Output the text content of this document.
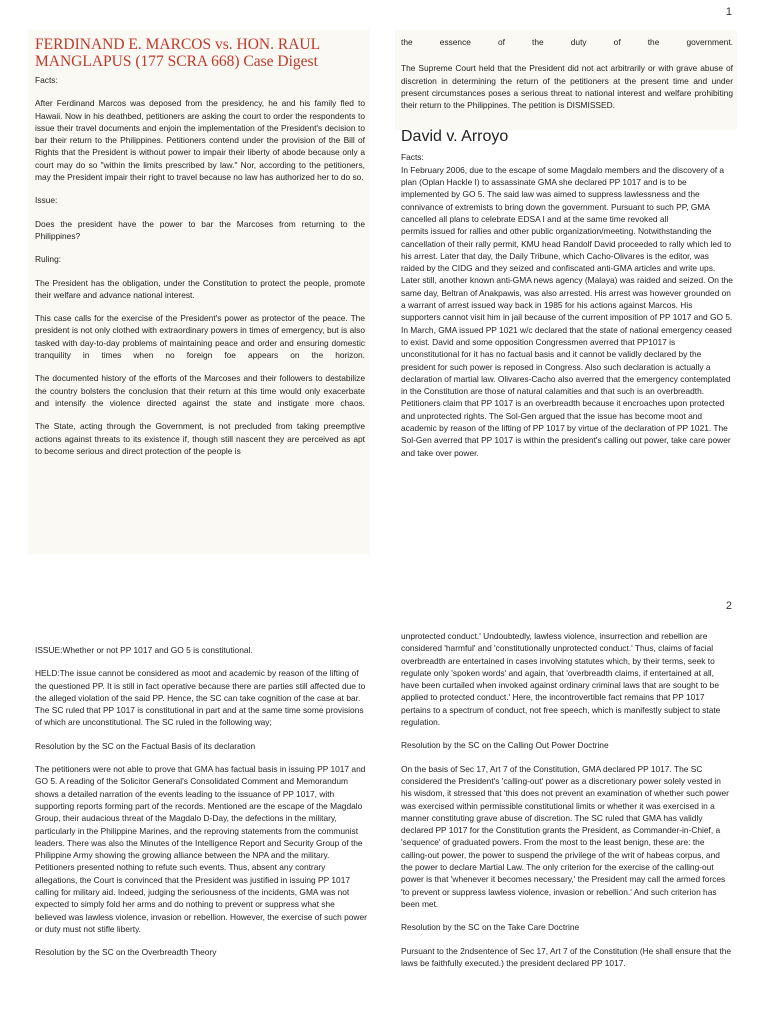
1
FERDINAND E. MARCOS vs. HON. RAUL MANGLAPUS (177 SCRA 668) Case Digest

Facts:

After Ferdinand Marcos was deposed from the presidency, he and his family fled to Hawaii. Now in his deathbed, petitioners are asking the court to order the respondents to issue their travel documents and enjoin the implementation of the President's decision to bar their return to the Philippines. Petitioners contend under the provision of the Bill of Rights that the President is without power to impair their liberty of abode because only a court may do so "within the limits prescribed by law." Nor, according to the petitioners, may the President impair their right to travel because no law has authorized her to do so.

Issue:

Does the president have the power to bar the Marcoses from returning to the Philippines?

Ruling:

The President has the obligation, under the Constitution to protect the people, promote their welfare and advance national interest.

This case calls for the exercise of the President's power as protector of the peace. The president is not only clothed with extraordinary powers in times of emergency, but is also tasked with day-to-day problems of maintaining peace and order and ensuring domestic tranquility in times when no foreign foe appears on the horizon.

The documented history of the efforts of the Marcoses and their followers to destabilize the country bolsters the conclusion that their return at this time would only exacerbate and intensify the violence directed against the state and instigate more chaos.

The State, acting through the Government, is not precluded from taking preemptive actions against threats to its existence if, though still nascent they are perceived as apt to become serious and direct protection of the people is

the essence of the duty of the government.

The Supreme Court held that the President did not act arbitrarily or with grave abuse of discretion in determining the return of the petitioners at the present time and under present circumstances poses a serious threat to national interest and welfare prohibiting their return to the Philippines. The petition is DISMISSED.

David v. Arroyo

Facts:

In February 2006, due to the escape of some Magdalo members and the discovery of a plan (Oplan Hackle I) to assassinate GMA she declared PP 1017 and is to be implemented by GO 5. The said law was aimed to suppress lawlessness and the connivance of extremists to bring down the government. Pursuant to such PP, GMA cancelled all plans to celebrate EDSA I and at the same time revoked all

permits issued for rallies and other public organization/meeting. Notwithstanding the cancellation of their rally permit, KMU head Randolf David proceeded to rally which led to his arrest. Later that day, the Daily Tribune, which Cacho-Olivares is the editor, was raided by the CIDG and they seized and confiscated anti-GMA articles and write ups. Later still, another known anti-GMA news agency (Malaya) was raided and seized. On the same day, Beltran of Anakpawis, was also arrested. His arrest was however grounded on a warrant of arrest issued way back in 1985 for his actions against Marcos. His supporters cannot visit him in jail because of the current imposition of PP 1017 and GO 5. In March, GMA issued PP 1021 w/c declared that the state of national emergency ceased to exist. David and some opposition Congressmen averred that PP1017 is unconstitutional for it has no factual basis and it cannot be validly declared by the president for such power is reposed in Congress. Also such declaration is actually a declaration of martial law. Olivares-Cacho also averred that the emergency contemplated in the Constitution are those of natural calamities and that such is an overbreadth. Petitioners claim that PP 1017 is an overbreadth because it encroaches upon protected and unprotected rights. The Sol-Gen argued that the issue has become moot and academic by reason of the lifting of PP 1017 by virtue of the declaration of PP 1021. The Sol-Gen averred that PP 1017 is within the president's calling out power, take care power and take over power.

2

ISSUE:Whether or not PP 1017 and GO 5 is constitutional.

HELD:The issue cannot be considered as moot and academic by reason of the lifting of the questioned PP. It is still in fact operative because there are parties still affected due to the alleged violation of the said PP. Hence, the SC can take cognition of the case at bar. The SC ruled that PP 1017 is constitutional in part and at the same time some provisions of which are unconstitutional. The SC ruled in the following way;

Resolution by the SC on the Factual Basis of its declaration

The petitioners were not able to prove that GMA has factual basis in issuing PP 1017 and GO 5. A reading of the Solicitor General's Consolidated Comment and Memorandum shows a detailed narration of the events leading to the issuance of PP 1017, with supporting reports forming part of the records. Mentioned are the escape of the Magdalo Group, their audacious threat of the Magdalo D-Day, the defections in the military, particularly in the Philippine Marines, and the reproving statements from the communist leaders. There was also the Minutes of the Intelligence Report and Security Group of the Philippine Army showing the growing alliance between the NPA and the military. Petitioners presented nothing to refute such events. Thus, absent any contrary allegations, the Court is convinced that the President was justified in issuing PP 1017 calling for military aid. Indeed, judging the seriousness of the incidents, GMA was not expected to simply fold her arms and do nothing to prevent or suppress what she believed was lawless violence, invasion or rebellion. However, the exercise of such power or duty must not stifle liberty.

Resolution by the SC on the Overbreadth Theory

unprotected conduct.' Undoubtedly, lawless violence, insurrection and rebellion are considered 'harmful' and 'constitutionally unprotected conduct.' Thus, claims of facial overbreadth are entertained in cases involving statutes which, by their terms, seek to regulate only 'spoken words' and again, that 'overbreadth claims, if entertained at all, have been curtailed when invoked against ordinary criminal laws that are sought to be applied to protected conduct.' Here, the incontrovertible fact remains that PP 1017 pertains to a spectrum of conduct, not free speech, which is manifestly subject to state regulation.

Resolution by the SC on the Calling Out Power Doctrine

On the basis of Sec 17, Art 7 of the Constitution, GMA declared PP 1017. The SC considered the President's 'calling-out' power as a discretionary power solely vested in his wisdom, it stressed that 'this does not prevent an examination of whether such power was exercised within permissible constitutional limits or whether it was exercised in a manner constituting grave abuse of discretion. The SC ruled that GMA has validly declared PP 1017 for the Constitution grants the President, as Commander-in-Chief, a 'sequence' of graduated powers. From the most to the least benign, these are: the calling-out power, the power to suspend the privilege of the writ of habeas corpus, and the power to declare Martial Law. The only criterion for the exercise of the calling-out power is that 'whenever it becomes necessary,' the President may call the armed forces 'to prevent or suppress lawless violence, invasion or rebellion.' And such criterion has been met.

Resolution by the SC on the Take Care Doctrine

Pursuant to the 2ndsentence of Sec 17, Art 7 of the Constitution (He shall ensure that the laws be faithfully executed.) the president declared PP 1017.
